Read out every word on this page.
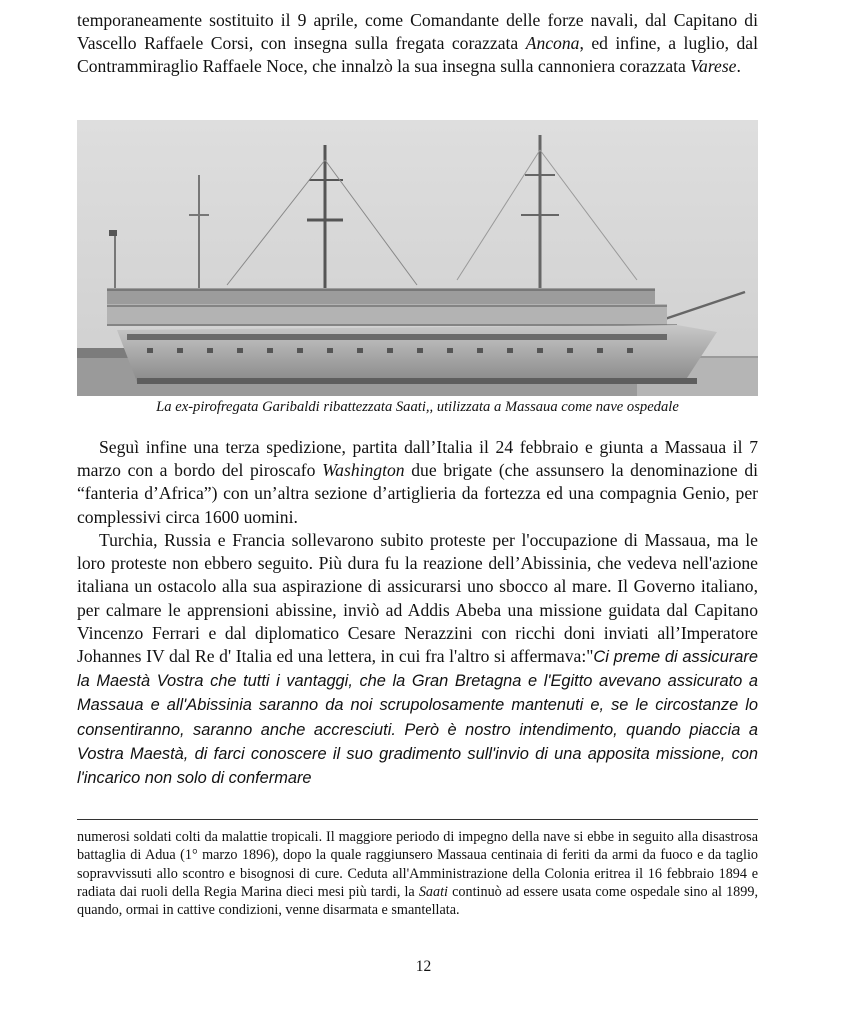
temporaneamente sostituito il 9 aprile, come Comandante delle forze navali, dal Capitano di Vascello Raffaele Corsi, con insegna sulla fregata corazzata Ancona, ed infine, a luglio, dal Contrammiraglio Raffaele Noce, che innalzò la sua insegna sulla cannoniera corazzata Varese.

La ex-pirofregata Garibaldi ribattezzata Saati,, utilizzata a Massaua come nave ospedale

Seguì infine una terza spedizione, partita dall’Italia il 24 febbraio e giunta a Massaua il 7 marzo con a bordo del piroscafo Washington due brigate (che assunsero la denominazione di “fanteria d’Africa”) con un’altra sezione d’artiglieria da fortezza ed una compagnia Genio, per complessivi circa 1600 uomini.

Turchia, Russia e Francia sollevarono subito proteste per l'occupazione di Massaua, ma le loro proteste non ebbero seguito. Più dura fu la reazione dell’Abissinia, che vedeva nell'azione italiana un ostacolo alla sua aspirazione di assicurarsi uno sbocco al mare. Il Governo italiano, per calmare le apprensioni abissine, inviò ad Addis Abeba una missione guidata dal Capitano Vincenzo Ferrari e dal diplomatico Cesare Nerazzini con ricchi doni inviati all’Imperatore Johannes IV dal Re d' Italia ed una lettera, in cui fra l'altro si affermava:"Ci preme di assicurare la Maestà Vostra che tutti i vantaggi, che la Gran Bretagna e l'Egitto avevano assicurato a Massaua e all'Abissinia saranno da noi scrupolosamente mantenuti e, se le circostanze lo consentiranno, saranno anche accresciuti. Però è nostro intendimento, quando piaccia a Vostra Maestà, di farci conoscere il suo gradimento sull'invio di una apposita missione, con l'incarico non solo di confermare

numerosi soldati colti da malattie tropicali. Il maggiore periodo di impegno della nave si ebbe in seguito alla disastrosa battaglia di Adua (1° marzo 1896), dopo la quale raggiunsero Massaua centinaia di feriti da armi da fuoco e da taglio sopravvissuti allo scontro e bisognosi di cure. Ceduta all'Amministrazione della Colonia eritrea il 16 febbraio 1894 e radiata dai ruoli della Regia Marina dieci mesi più tardi, la Saati continuò ad essere usata come ospedale sino al 1899, quando, ormai in cattive condizioni, venne disarmata e smantellata.

12
